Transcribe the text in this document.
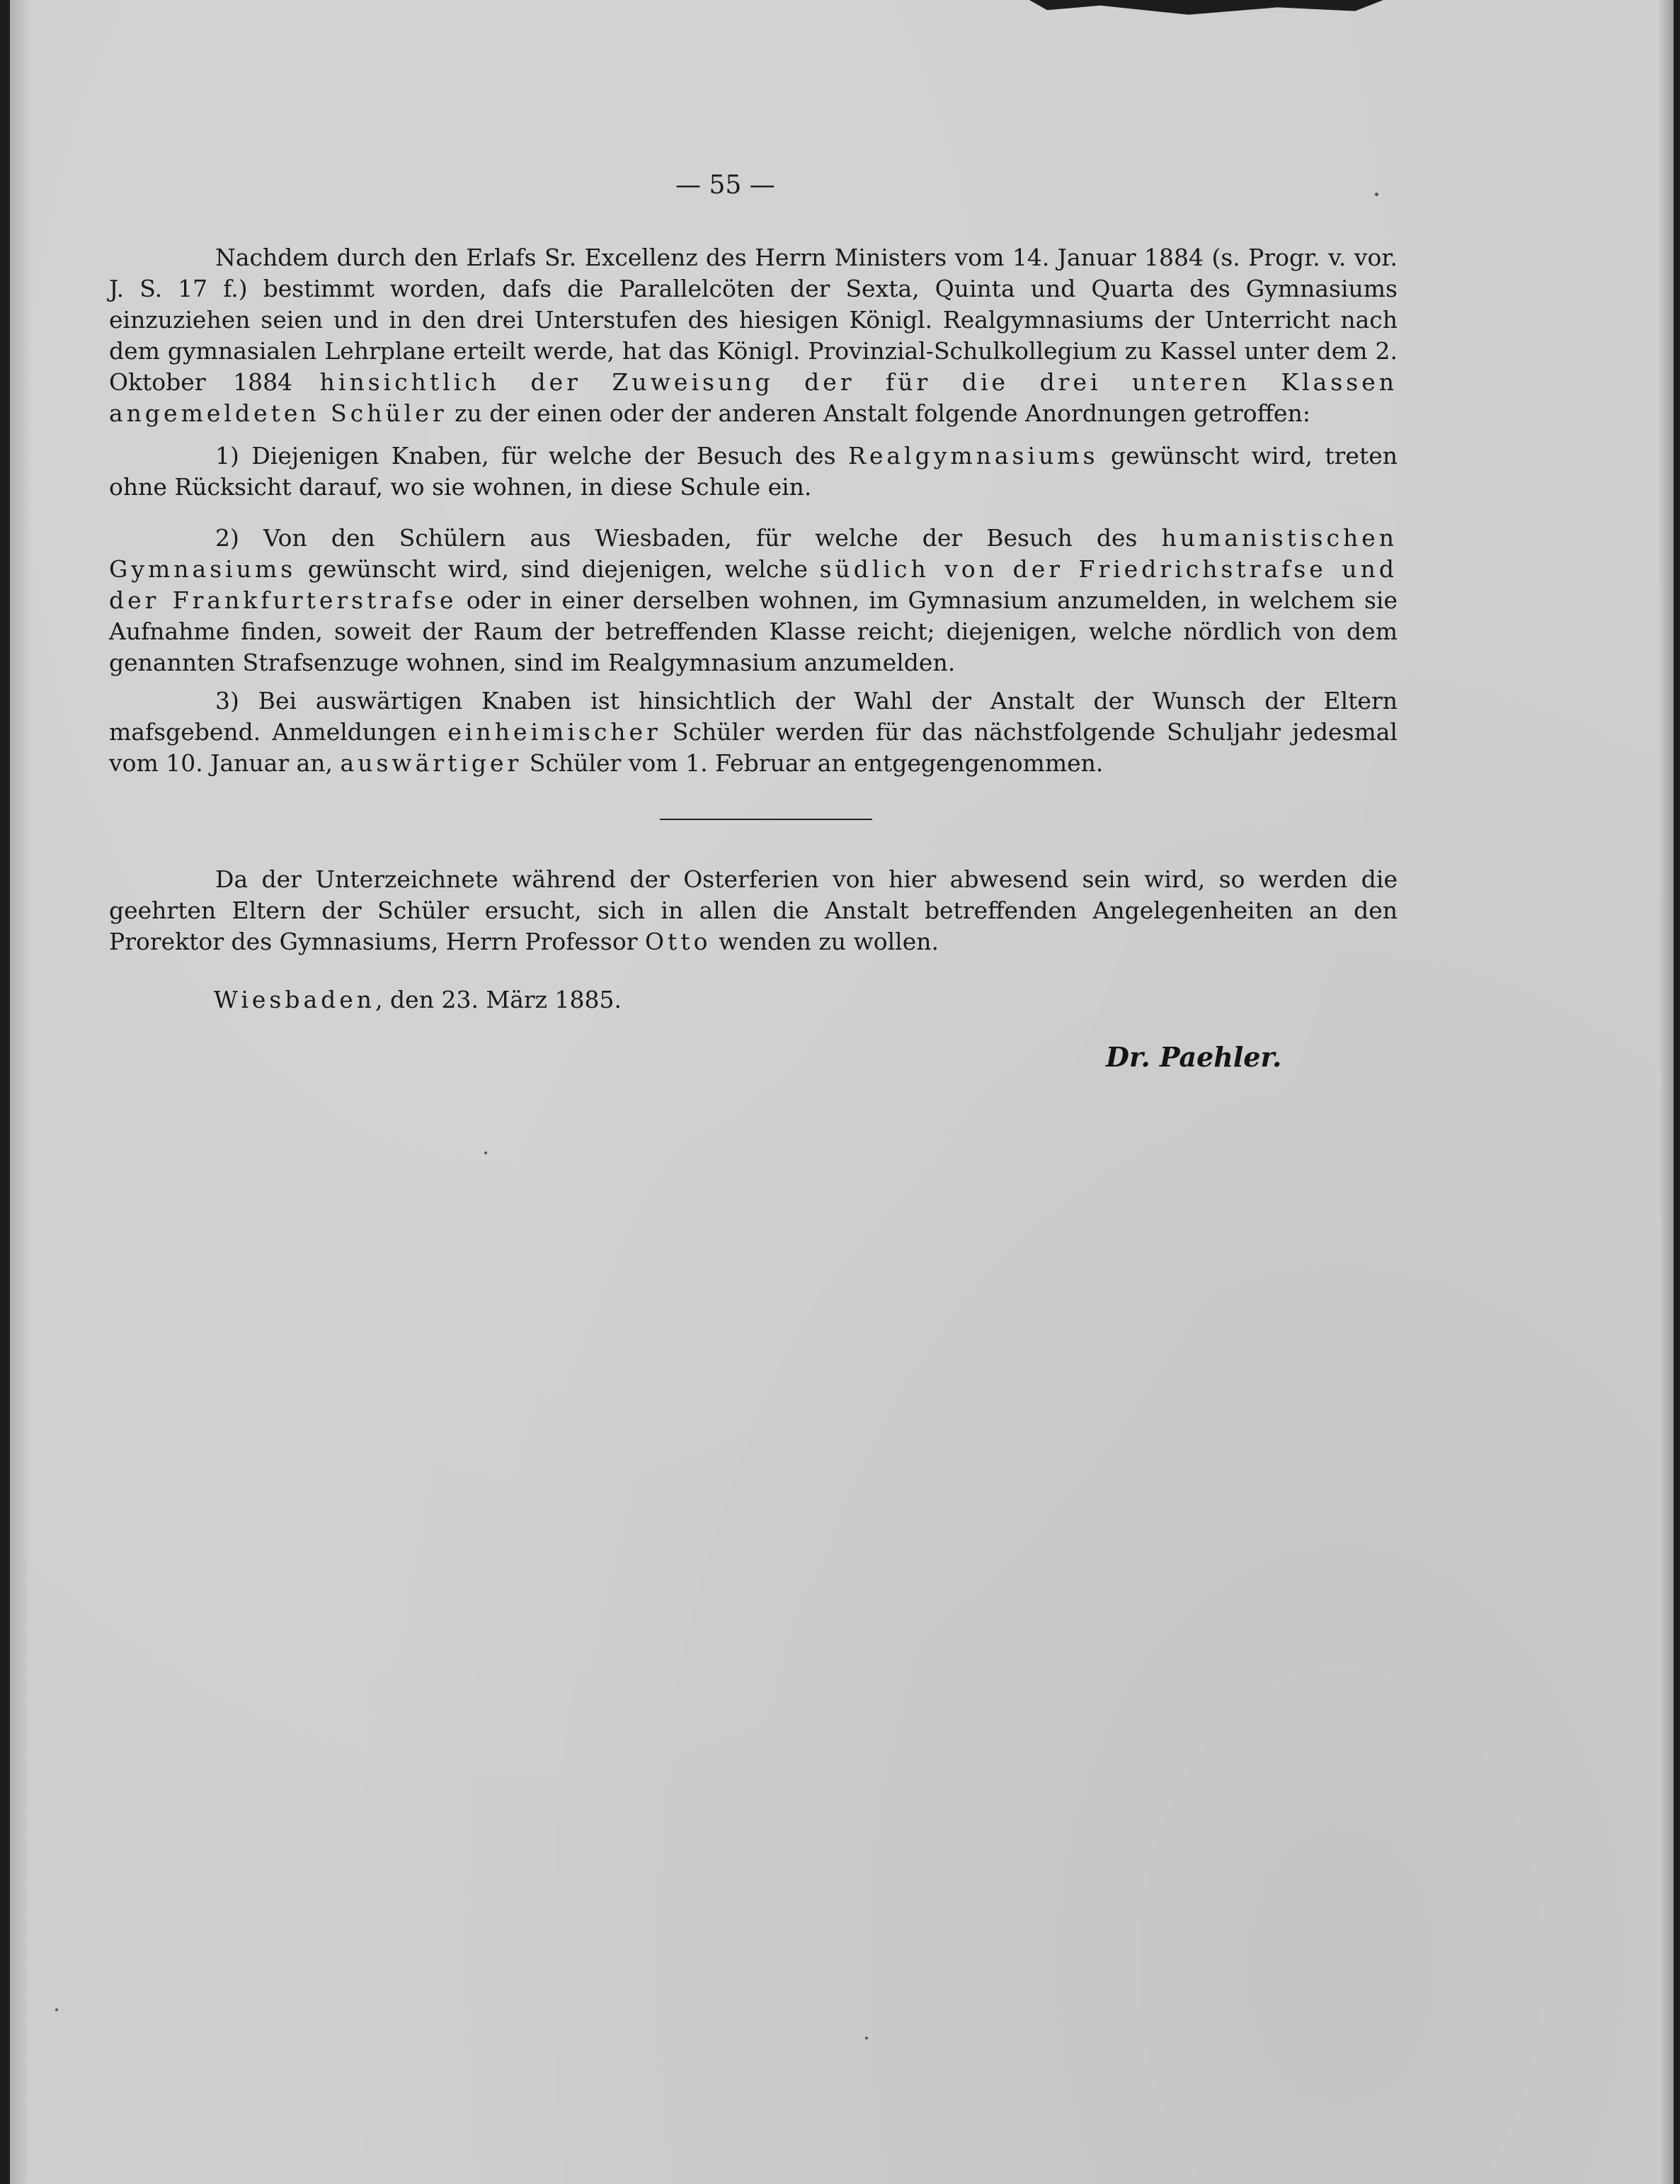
— 55 —

Nachdem durch den Erlafs Sr. Excellenz des Herrn Ministers vom 14. Januar 1884 (s. Progr. v. vor. J. S. 17 f.) bestimmt worden, dafs die Parallelcöten der Sexta, Quinta und Quarta des Gymnasiums einzuziehen seien und in den drei Unterstufen des hiesigen Königl. Realgymnasiums der Unterricht nach dem gymnasialen Lehrplane erteilt werde, hat das Königl. Provinzial-Schulkollegium zu Kassel unter dem 2. Oktober 1884 hinsichtlich der Zuweisung der für die drei unteren Klassen angemeldeten Schüler zu der einen oder der anderen Anstalt folgende Anordnungen getroffen:

1) Diejenigen Knaben, für welche der Besuch des Realgymnasiums gewünscht wird, treten ohne Rücksicht darauf, wo sie wohnen, in diese Schule ein.

2) Von den Schülern aus Wiesbaden, für welche der Besuch des humanistischen Gymnasiums gewünscht wird, sind diejenigen, welche südlich von der Friedrichstrafse und der Frankfurterstrafse oder in einer derselben wohnen, im Gymnasium anzumelden, in welchem sie Aufnahme finden, soweit der Raum der betreffenden Klasse reicht; diejenigen, welche nördlich von dem genannten Strafsenzuge wohnen, sind im Realgymnasium anzumelden.

3) Bei auswärtigen Knaben ist hinsichtlich der Wahl der Anstalt der Wunsch der Eltern mafsgebend. Anmeldungen einheimischer Schüler werden für das nächstfolgende Schuljahr jedesmal vom 10. Januar an, auswärtiger Schüler vom 1. Februar an entgegengenommen.

Da der Unterzeichnete während der Osterferien von hier abwesend sein wird, so werden die geehrten Eltern der Schüler ersucht, sich in allen die Anstalt betreffenden Angelegenheiten an den Prorektor des Gymnasiums, Herrn Professor Otto wenden zu wollen.

Wiesbaden, den 23. März 1885.
Dr. Paehler.
